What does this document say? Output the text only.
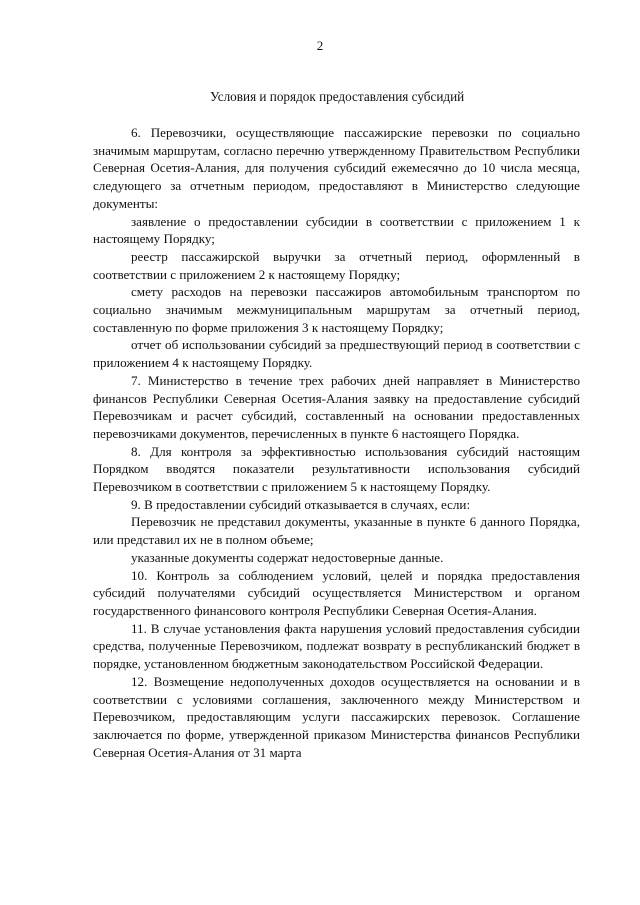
2
Условия и порядок предоставления субсидий

6. Перевозчики, осуществляющие пассажирские перевозки по социально значимым маршрутам, согласно перечню утвержденному Правительством Республики Северная Осетия-Алания, для получения субсидий ежемесячно до 10 числа месяца, следующего за отчетным периодом, предоставляют в Министерство следующие документы:

заявление о предоставлении субсидии в соответствии с приложением 1 к настоящему Порядку;

реестр пассажирской выручки за отчетный период, оформленный в соответствии с приложением 2 к настоящему Порядку;

смету расходов на перевозки пассажиров автомобильным транспортом по социально значимым межмуниципальным маршрутам за отчетный период, составленную по форме приложения 3 к настоящему Порядку;

отчет об использовании субсидий за предшествующий период в соответствии с приложением 4 к настоящему Порядку.

7. Министерство в течение трех рабочих дней направляет в Министерство финансов Республики Северная Осетия-Алания заявку на предоставление субсидий Перевозчикам и расчет субсидий, составленный на основании предоставленных перевозчиками документов, перечисленных в пункте 6 настоящего Порядка.

8. Для контроля за эффективностью использования субсидий настоящим Порядком вводятся показатели результативности использования субсидий Перевозчиком в соответствии с приложением 5 к настоящему Порядку.

9. В предоставлении субсидий отказывается в случаях, если:

Перевозчик не представил документы, указанные в пункте 6 данного Порядка, или представил их не в полном объеме;

указанные документы содержат недостоверные данные.

10. Контроль за соблюдением условий, целей и порядка предоставления субсидий получателями субсидий осуществляется Министерством и органом государственного финансового контроля Республики Северная Осетия-Алания.

11. В случае установления факта нарушения условий предоставления субсидии средства, полученные Перевозчиком, подлежат возврату в республиканский бюджет в порядке, установленном бюджетным законодательством Российской Федерации.

12. Возмещение недополученных доходов осуществляется на основании и в соответствии с условиями соглашения, заключенного между Министерством и Перевозчиком, предоставляющим услуги пассажирских перевозок. Соглашение заключается по форме, утвержденной приказом Министерства финансов Республики Северная Осетия-Алания от 31 марта
